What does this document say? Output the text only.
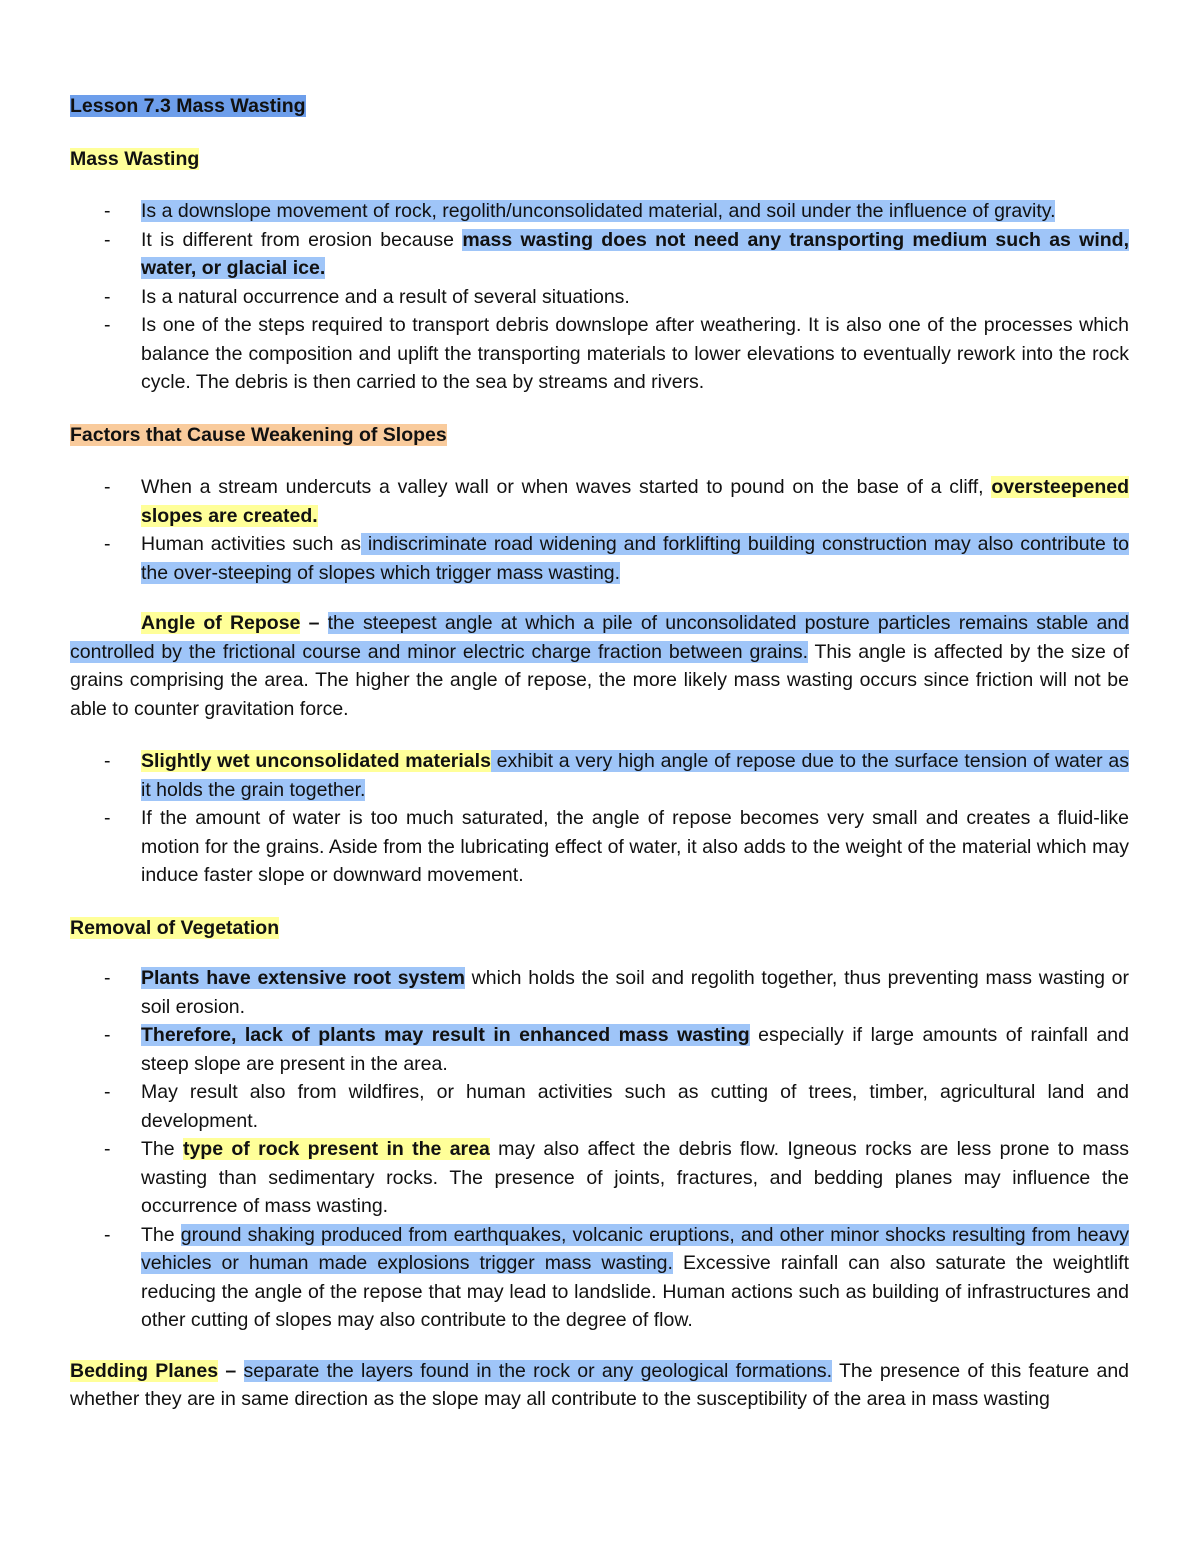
Lesson 7.3 Mass Wasting

Mass Wasting

- Is a downslope movement of rock, regolith/unconsolidated material, and soil under the influence of gravity.
- It is different from erosion because mass wasting does not need any transporting medium such as wind, water, or glacial ice.
- Is a natural occurrence and a result of several situations.
- Is one of the steps required to transport debris downslope after weathering. It is also one of the processes which balance the composition and uplift the transporting materials to lower elevations to eventually rework into the rock cycle. The debris is then carried to the sea by streams and rivers.

Factors that Cause Weakening of Slopes

- When a stream undercuts a valley wall or when waves started to pound on the base of a cliff, oversteepened slopes are created.
- Human activities such as indiscriminate road widening and forklifting building construction may also contribute to the over-steeping of slopes which trigger mass wasting.

Angle of Repose – the steepest angle at which a pile of unconsolidated posture particles remains stable and controlled by the frictional course and minor electric charge fraction between grains. This angle is affected by the size of grains comprising the area. The higher the angle of repose, the more likely mass wasting occurs since friction will not be able to counter gravitation force.

- Slightly wet unconsolidated materials exhibit a very high angle of repose due to the surface tension of water as it holds the grain together.
- If the amount of water is too much saturated, the angle of repose becomes very small and creates a fluid-like motion for the grains. Aside from the lubricating effect of water, it also adds to the weight of the material which may induce faster slope or downward movement.

Removal of Vegetation

- Plants have extensive root system which holds the soil and regolith together, thus preventing mass wasting or soil erosion.
- Therefore, lack of plants may result in enhanced mass wasting especially if large amounts of rainfall and steep slope are present in the area.
- May result also from wildfires, or human activities such as cutting of trees, timber, agricultural land and development.
- The type of rock present in the area may also affect the debris flow. Igneous rocks are less prone to mass wasting than sedimentary rocks. The presence of joints, fractures, and bedding planes may influence the occurrence of mass wasting.
- The ground shaking produced from earthquakes, volcanic eruptions, and other minor shocks resulting from heavy vehicles or human made explosions trigger mass wasting. Excessive rainfall can also saturate the weightlift reducing the angle of the repose that may lead to landslide. Human actions such as building of infrastructures and other cutting of slopes may also contribute to the degree of flow.

Bedding Planes – separate the layers found in the rock or any geological formations. The presence of this feature and whether they are in same direction as the slope may all contribute to the susceptibility of the area in mass wasting
